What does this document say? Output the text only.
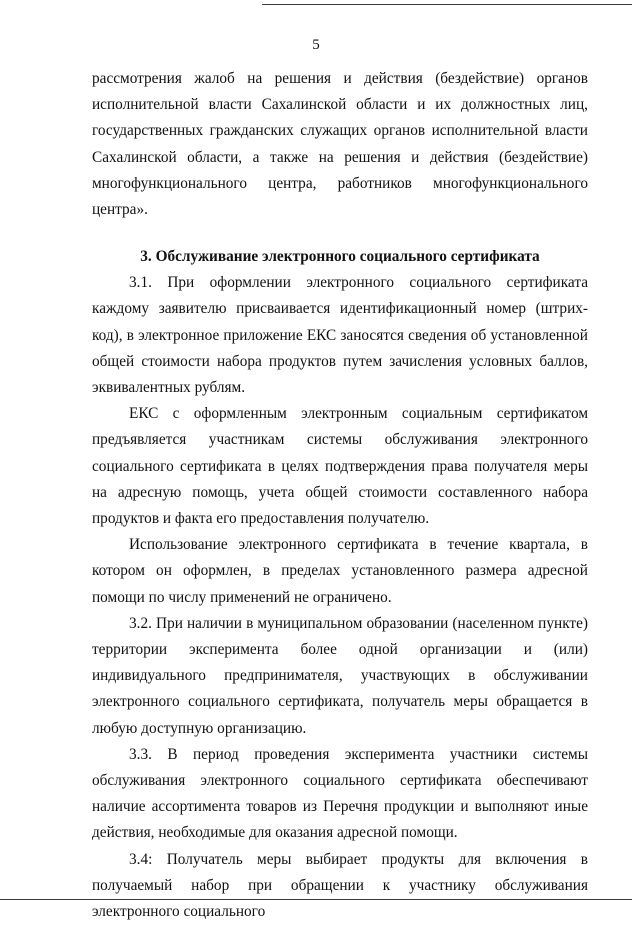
5

рассмотрения жалоб на решения и действия (бездействие) органов исполнительной власти Сахалинской области и их должностных лиц, государственных гражданских служащих органов исполнительной власти Сахалинской области, а также на решения и действия (бездействие) многофункционального центра, работников многофункционального центра».

3. Обслуживание электронного социального сертификата

3.1. При оформлении электронного социального сертификата каждому заявителю присваивается идентификационный номер (штрих-код), в электронное приложение ЕКС заносятся сведения об установленной общей стоимости набора продуктов путем зачисления условных баллов, эквивалентных рублям.

ЕКС с оформленным электронным социальным сертификатом предъявляется участникам системы обслуживания электронного социального сертификата в целях подтверждения права получателя меры на адресную помощь, учета общей стоимости составленного набора продуктов и факта его предоставления получателю.

Использование электронного сертификата в течение квартала, в котором он оформлен, в пределах установленного размера адресной помощи по числу применений не ограничено.

3.2. При наличии в муниципальном образовании (населенном пункте) территории эксперимента более одной организации и (или) индивидуального предпринимателя, участвующих в обслуживании электронного социального сертификата, получатель меры обращается в любую доступную организацию.

3.3. В период проведения эксперимента участники системы обслуживания электронного социального сертификата обеспечивают наличие ассортимента товаров из Перечня продукции и выполняют иные действия, необходимые для оказания адресной помощи.

3.4: Получатель меры выбирает продукты для включения в получаемый набор при обращении к участнику обслуживания электронного социального
